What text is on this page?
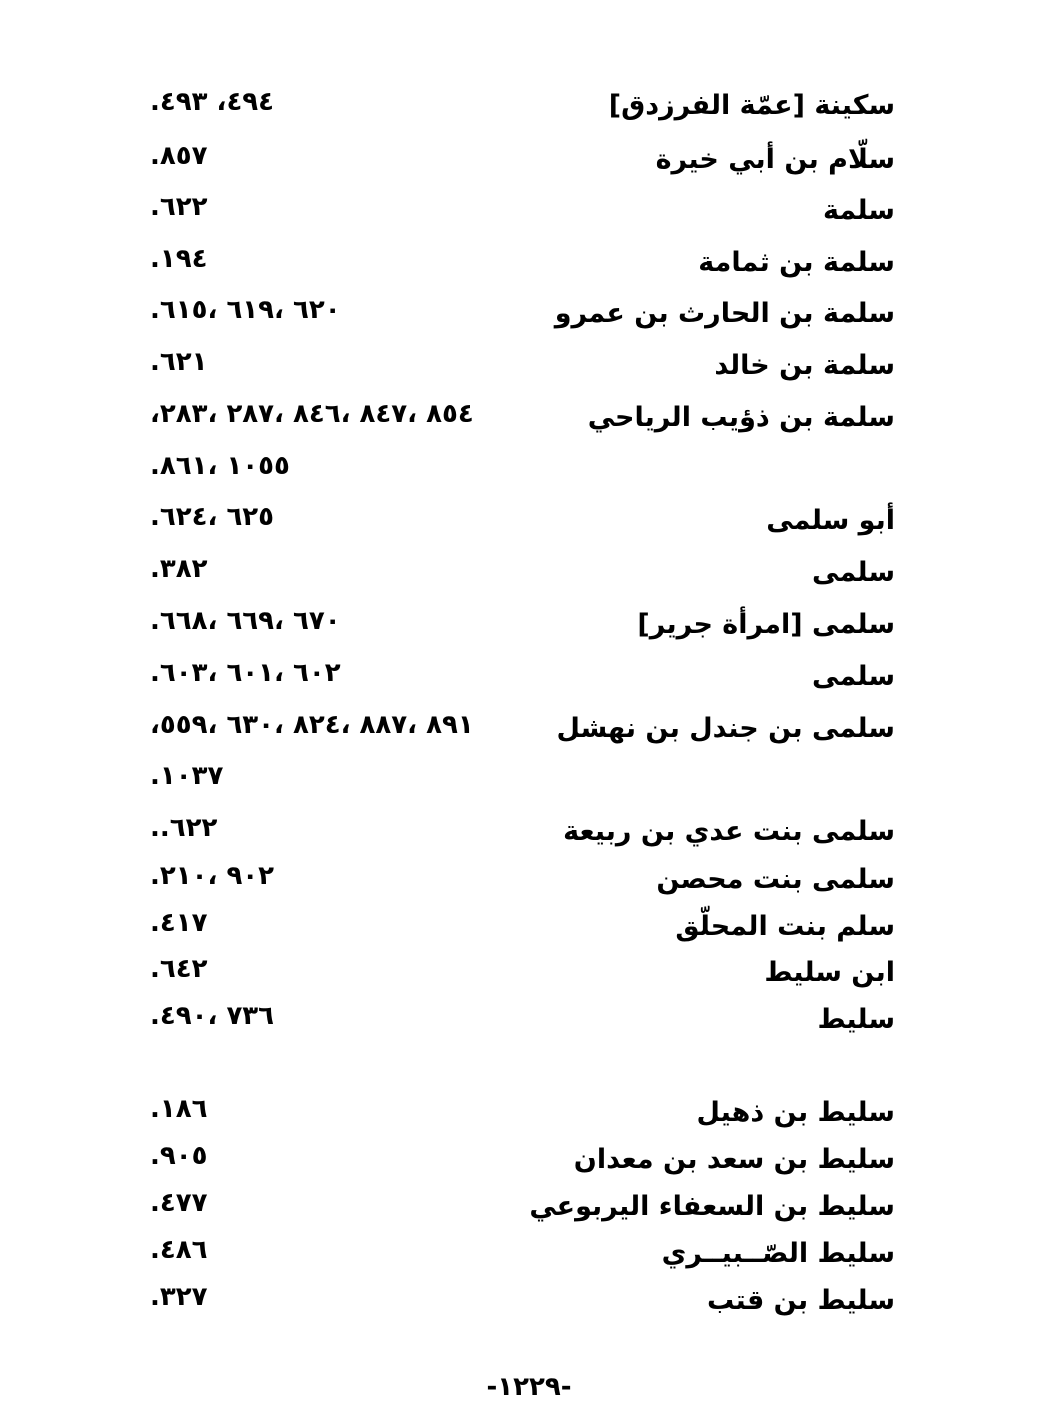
سكينة [عمّة الفرزدق]
.٤٩٤، ٤٩٣
سلّام بن أبي خيرة
.٨٥٧
سلمة
.٦٢٢
سلمة بن ثمامة
.١٩٤
سلمة بن الحارث بن عمرو
.٦٢٠ ،٦١٩ ،٦١٥
سلمة بن خالد
.٦٢١
سلمة بن ذؤيب الرياحي
،٨٥٤ ،٨٤٧ ،٨٤٦ ،٢٨٧ ،٢٨٣
.١٠٥٥ ،٨٦١
أبو سلمى
.٦٢٥ ،٦٢٤
سلمى
.٣٨٢
سلمى [امرأة جرير]
.٦٧٠ ،٦٦٩ ،٦٦٨
سلمى
.٦٠٢ ،٦٠١ ،٦٠٣
سلمى بن جندل بن نهشل
،٨٩١ ،٨٨٧ ،٨٢٤ ،٦٣٠ ،٥٥٩
.١٠٣٧
سلمى بنت عدي بن ربيعة
..٦٢٢
سلمى بنت محصن
.٩٠٢ ،٢١٠
سلم بنت المحلّق
.٤١٧
ابن سليط
.٦٤٢
سليط
.٧٣٦ ،٤٩٠
سليط بن ذهيل
.١٨٦
سليط بن سعد بن معدان
.٩٠٥
سليط بن السعفاء اليربوعي
.٤٧٧
سليط الصّــبيــري
.٤٨٦
سليط بن قتب
.٣٢٧
-١٢٢٩-
